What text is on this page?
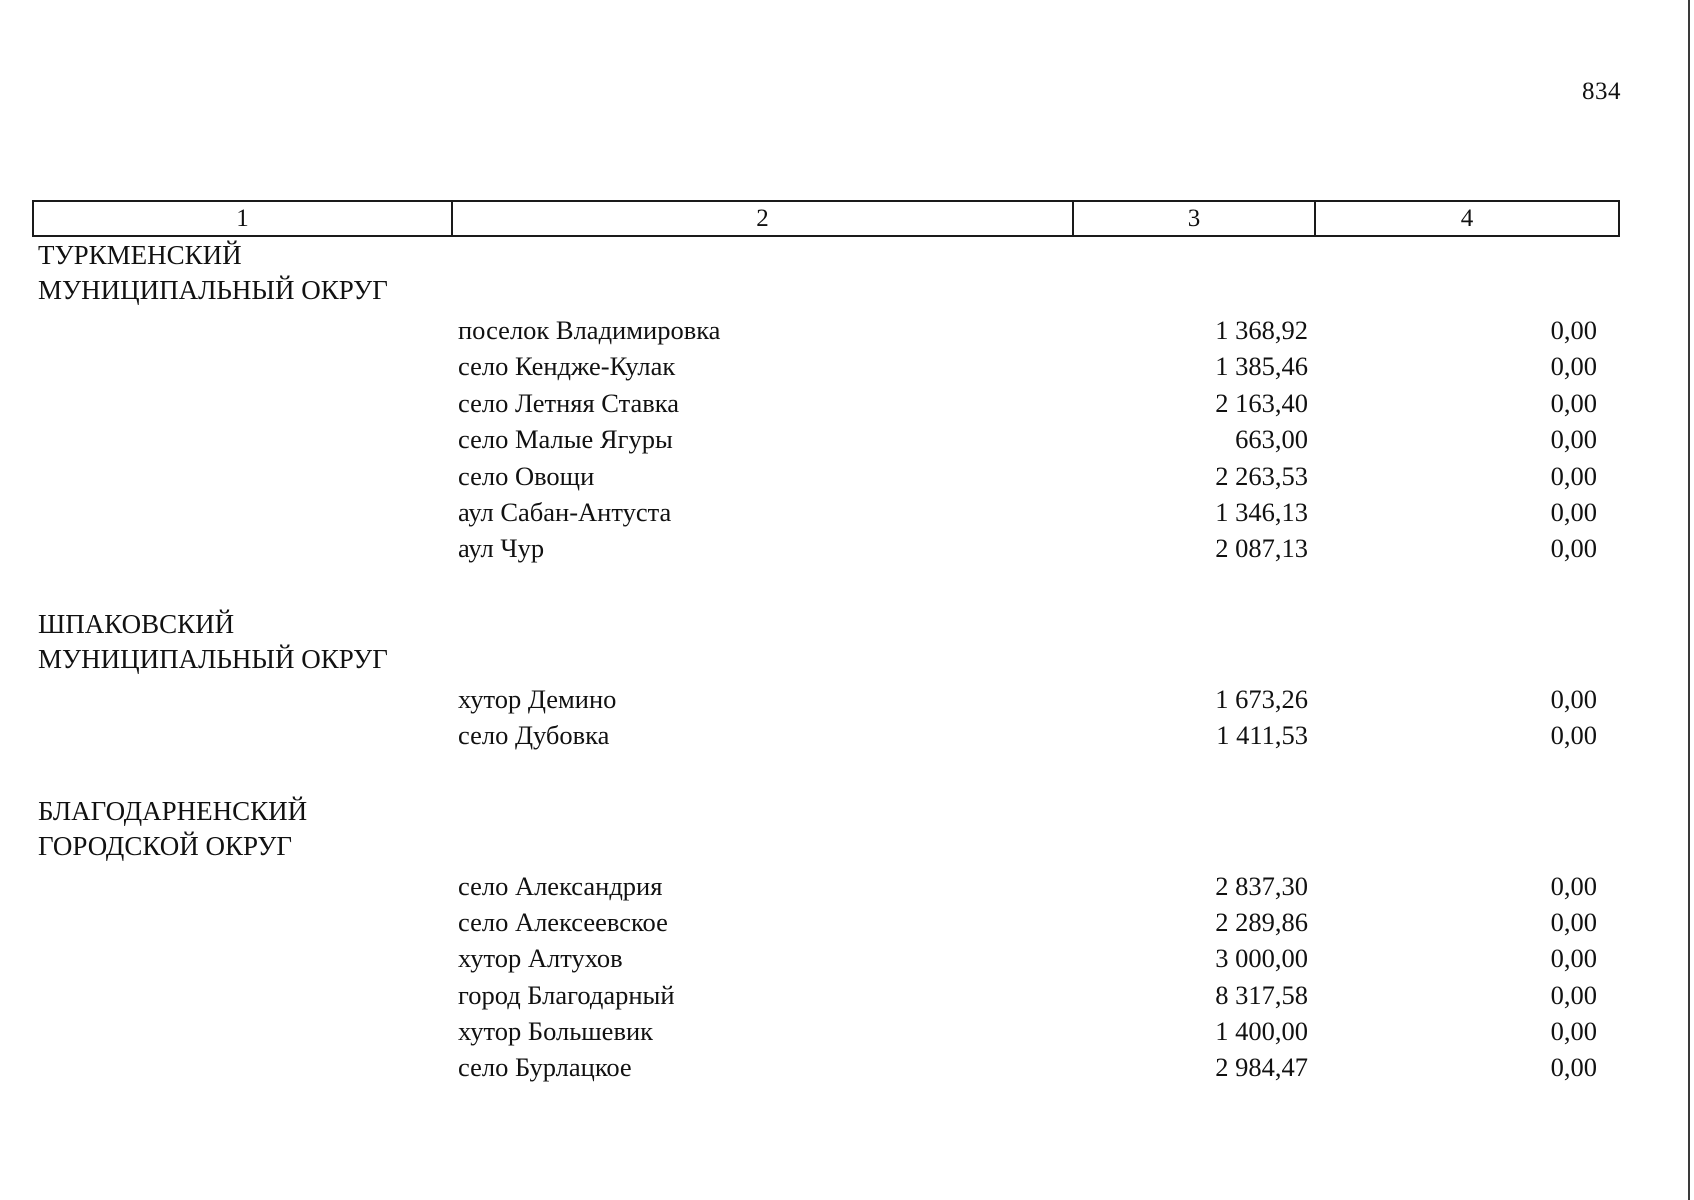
834
1	2	3	4
ТУРКМЕНСКИЙ МУНИЦИПАЛЬНЫЙ ОКРУГ
поселок Владимировка	1 368,92	0,00
село Кендже-Кулак	1 385,46	0,00
село Летняя Ставка	2 163,40	0,00
село Малые Ягуры	663,00	0,00
село Овощи	2 263,53	0,00
аул Сабан-Антуста	1 346,13	0,00
аул Чур	2 087,13	0,00
ШПАКОВСКИЙ МУНИЦИПАЛЬНЫЙ ОКРУГ
хутор Демино	1 673,26	0,00
село Дубовка	1 411,53	0,00
БЛАГОДАРНЕНСКИЙ ГОРОДСКОЙ ОКРУГ
село Александрия	2 837,30	0,00
село Алексеевское	2 289,86	0,00
хутор Алтухов	3 000,00	0,00
город Благодарный	8 317,58	0,00
хутор Большевик	1 400,00	0,00
село Бурлацкое	2 984,47	0,00
